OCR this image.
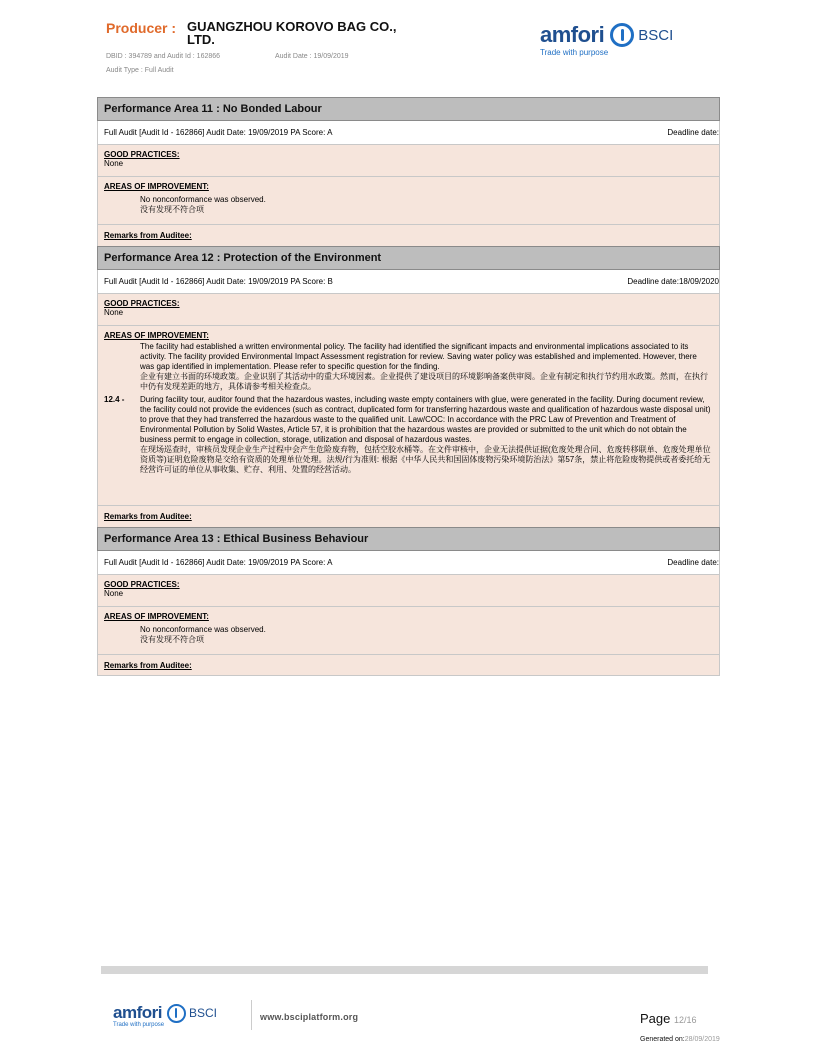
Producer : GUANGZHOU KOROVO BAG CO., LTD.
DBID : 394789 and Audit Id : 162866	Audit Date : 19/09/2019
Audit Type : Full Audit
amfori BSCI
Trade with purpose
Performance Area 11 : No Bonded Labour
Full Audit [Audit Id - 162866] Audit Date: 19/09/2019 PA Score: A	Deadline date:
GOOD PRACTICES:
None
AREAS OF IMPROVEMENT:
No nonconformance was observed.
没有发现不符合项
Remarks from Auditee:
Performance Area 12 : Protection of the Environment
Full Audit [Audit Id - 162866] Audit Date: 19/09/2019 PA Score: B	Deadline date:18/09/2020
GOOD PRACTICES:
None
AREAS OF IMPROVEMENT:
The facility had established a written environmental policy. The facility had identified the significant impacts and environmental implications associated to its activity. The facility provided Environmental Impact Assessment registration for review. Saving water policy was established and implemented. However, there was gap identified in implementation. Please refer to specific question for the finding.
企业有建立书面的环境政策。企业识别了其活动中的重大环境因素。企业提供了建设项目的环境影响备案供审阅。企业有制定和执行节约用水政策。然而，在执行中仍有发现差距的地方，具体请参考相关检查点。
12.4 -	During facility tour, auditor found that the hazardous wastes, including waste empty containers with glue, were generated in the facility. During document review, the facility could not provide the evidences (such as contract, duplicated form for transferring hazardous waste and qualification of hazardous waste disposal unit) to prove that they had transferred the hazardous waste to the qualified unit. Law/COC: In accordance with the PRC Law of Prevention and Treatment of Environmental Pollution by Solid Wastes, Article 57, it is prohibition that the hazardous wastes are provided or submitted to the unit which do not obtain the business permit to engage in collection, storage, utilization and disposal of hazardous wastes.
在现场巡查时，审核员发现企业生产过程中会产生危险废弃物，包括空胶水桶等。在文件审核中，企业无法提供证据(危废处理合同、危废转移联单、危废处理单位资质等)证明危险废物是交给有资质的处理单位处理。法规/行为准则: 根据《中华人民共和国固体废物污染环境防治法》第57条，禁止将危险废物提供或者委托给无经营许可证的单位从事收集、贮存、利用、处置的经营活动。
Remarks from Auditee:
Performance Area 13 : Ethical Business Behaviour
Full Audit [Audit Id - 162866] Audit Date: 19/09/2019 PA Score: A	Deadline date:
GOOD PRACTICES:
None
AREAS OF IMPROVEMENT:
No nonconformance was observed.
没有发现不符合项
Remarks from Auditee:
amfori BSCI
Trade with purpose
www.bsciplatform.org	Page 12/16
Generated on:28/09/2019
